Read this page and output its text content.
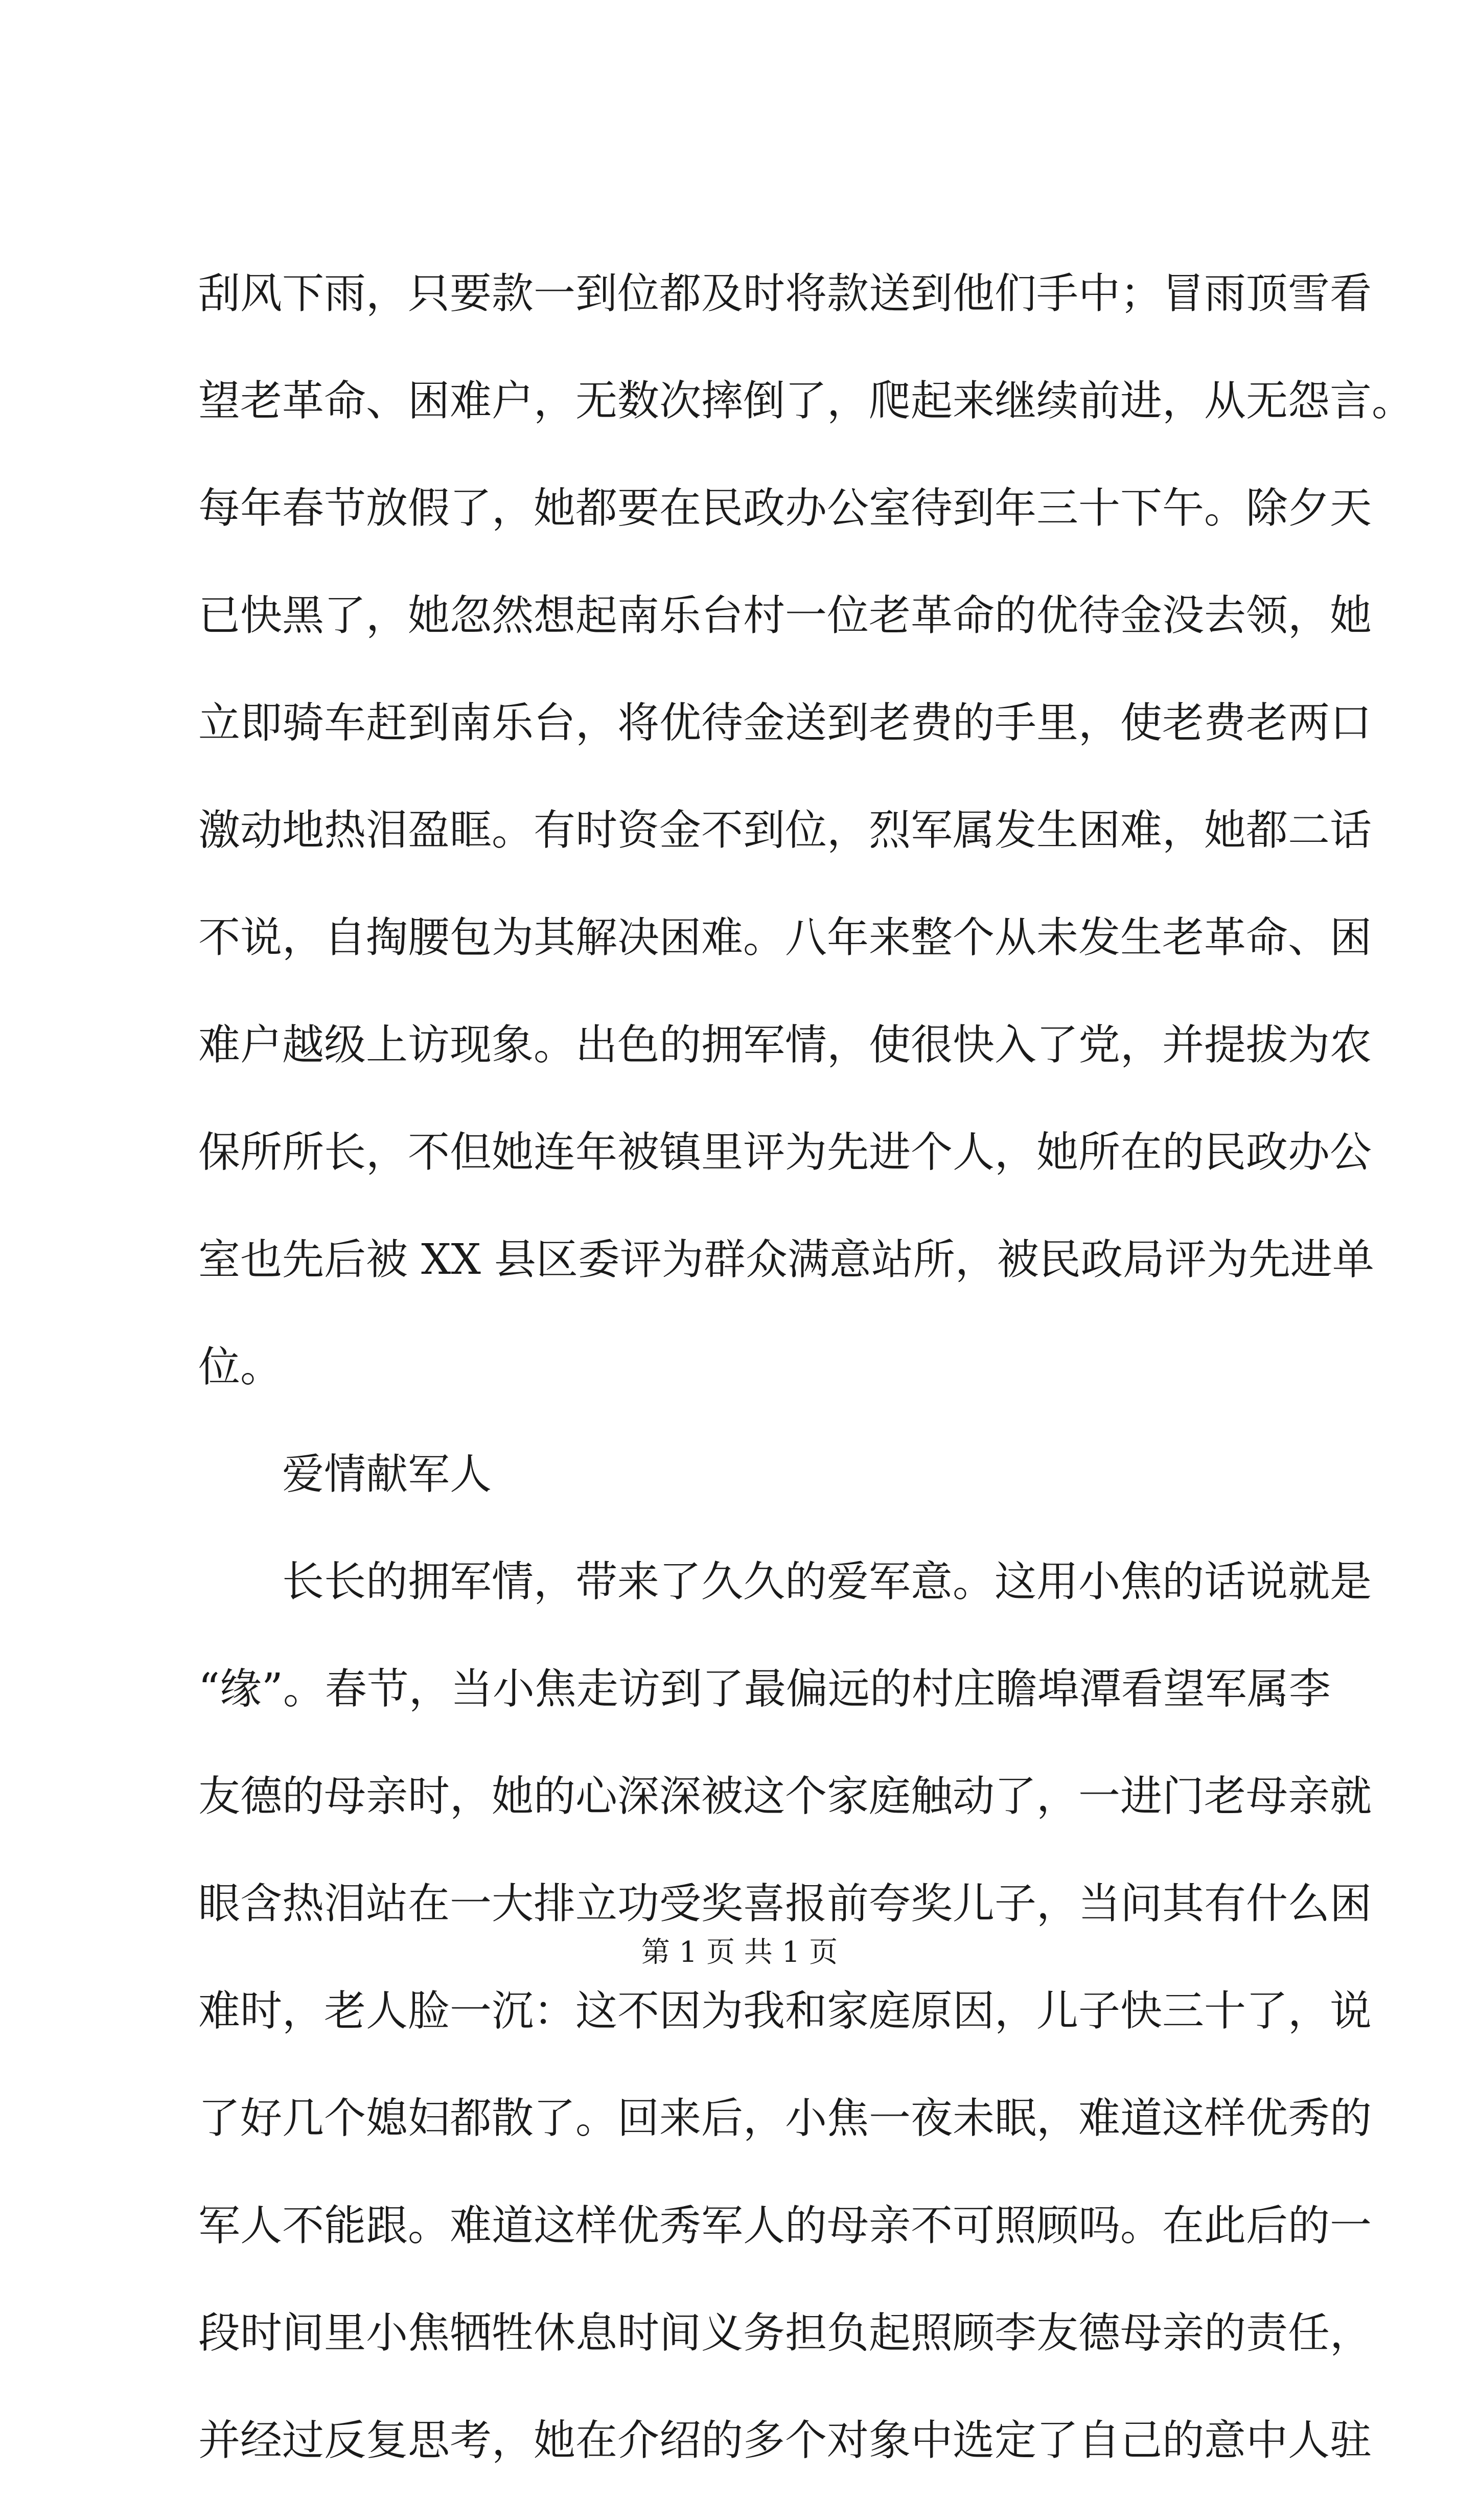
刮风下雨，只要款一到位都及时将款送到他们手中；冒雨顶雪看
望老革命、困难户，无数次摔倒了，爬起来继续前进，从无怨言。
每年春节放假了，她都要在民政办公室待到年三十下午。除夕天
已快黑了，她忽然想起南乐台村一位老革命的优待金没去领，她
立即骑车赶到南乐台，将优待金送到老费的手里，使老费老两口
激动地热泪盈眶。有时资金不到位，烈军属发生困难，她都二话
不说，自掏腰包为其解决困难。八年来整个从未发生老革命、困
难户越级上访现象。出色的拥军情，使很快入了党，并提拔为农
保所所长，不但她连年被镇里评为先进个人，她所在的民政办公
室也先后被 XX 县区委评为群众满意站所，被民政局评为先进单
位。
爱情献军人
长长的拥军情，带来了久久的爱军意。这用小焦的话说就是
“缘”。春节，当小焦走访到了最偏远的村庄瞻埠潭看望军属李
友德的母亲时，她的心深深被这个家庭触动了，一进门老母亲就
眼含热泪站在一大排立功受奖喜报前夸奖儿子，当问其有什么困
难时，老人脸一沉：这不因为我和家庭原因，儿子快三十了，说
了好几个媳妇都散了。回来后，小焦一夜未眠，难道这样优秀的
军人不能跟。难道这样优秀军人的母亲不可照顾吗。在此后的一
段时间里小焦牺牲休息时间义务担负起照顾李友德母亲的责任，
并经过反复思考，她在介绍的多个对象中选定了自己的意中人驻
第 1 页 共 1 页
